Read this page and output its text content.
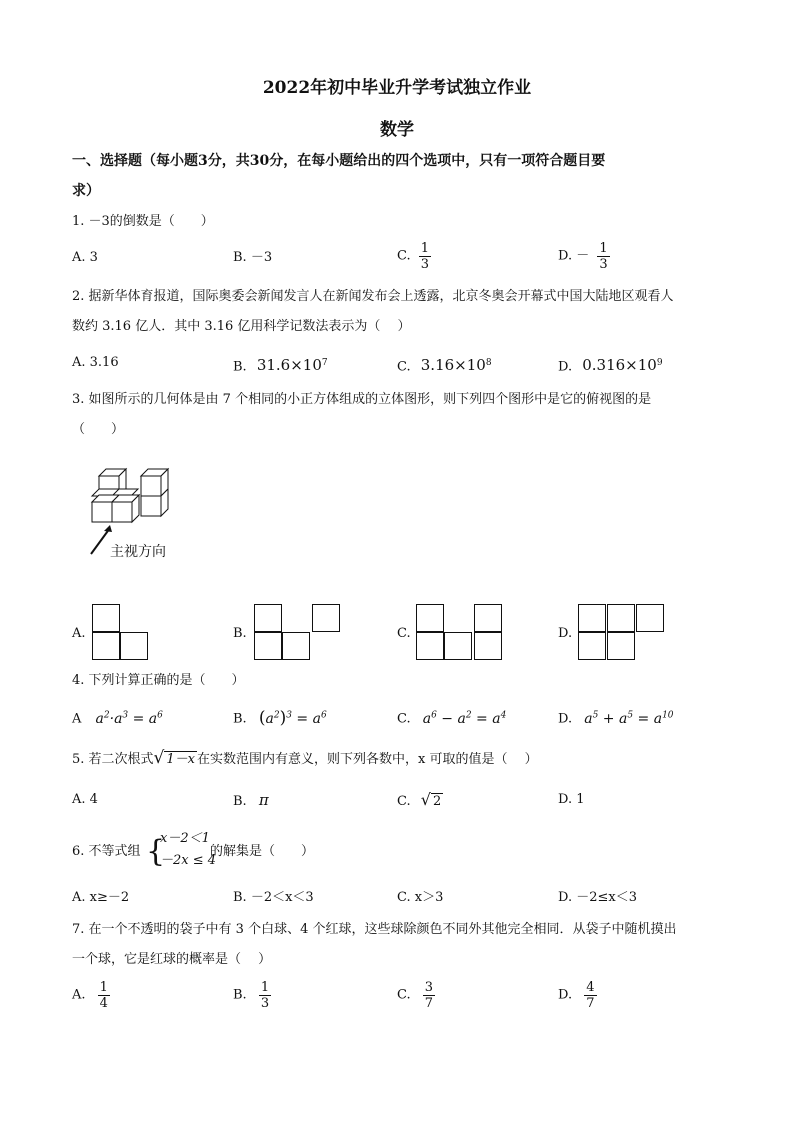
2022年初中毕业升学考试独立作业
数学
一、选择题（每小题3分，共30分，在每小题给出的四个选项中，只有一项符合题目要
求）
1. －3的倒数是（　　）
A. 3	B. －3	C. $\frac{1}{3}$	D. － $\frac{1}{3}$
2. 据新华体育报道，国际奥委会新闻发言人在新闻发布会上透露，北京冬奥会开幕式中国大陆地区观看人
数约 3.16 亿人．其中 3.16 亿用科学记数法表示为（　 ）
A. 3.16	B. $31.6\times 10^7$	C. $3.16\times 10^8$	D. $0.316\times 10^9$
3. 如图所示的几何体是由 7 个相同的小正方体组成的立体图形，则下列四个图形中是它的俯视图的是
（　　）
主视方向
A.	B.	C.	D.
4. 下列计算正确的是（　　）
A $a^2\cdot a^3 = a^6$	B. $(a^2)^3 = a^6$	C. $a^6 - a^2 = a^4$	D. $a^5 + a^5 = a^{10}$
5. 若二次根式√ 1－x 在实数范围内有意义，则下列各数中，x 可取的值是（　 ）
A. 4	B. π	C. √ 2	D. 1
6. 不等式组 {
x－2＜1
－2x ≤ 4
的解集是（　　）
A. x≥－2	B. －2＜x＜3	C. x＞3	D. －2≤x＜3
7. 在一个不透明的袋子中有 3 个白球、4 个红球，这些球除颜色不同外其他完全相同．从袋子中随机摸出
一个球，它是红球的概率是（　 ）
A. $\frac{1}{4}$	B. $\frac{1}{3}$	C. $\frac{3}{7}$	D. $\frac{4}{7}$
